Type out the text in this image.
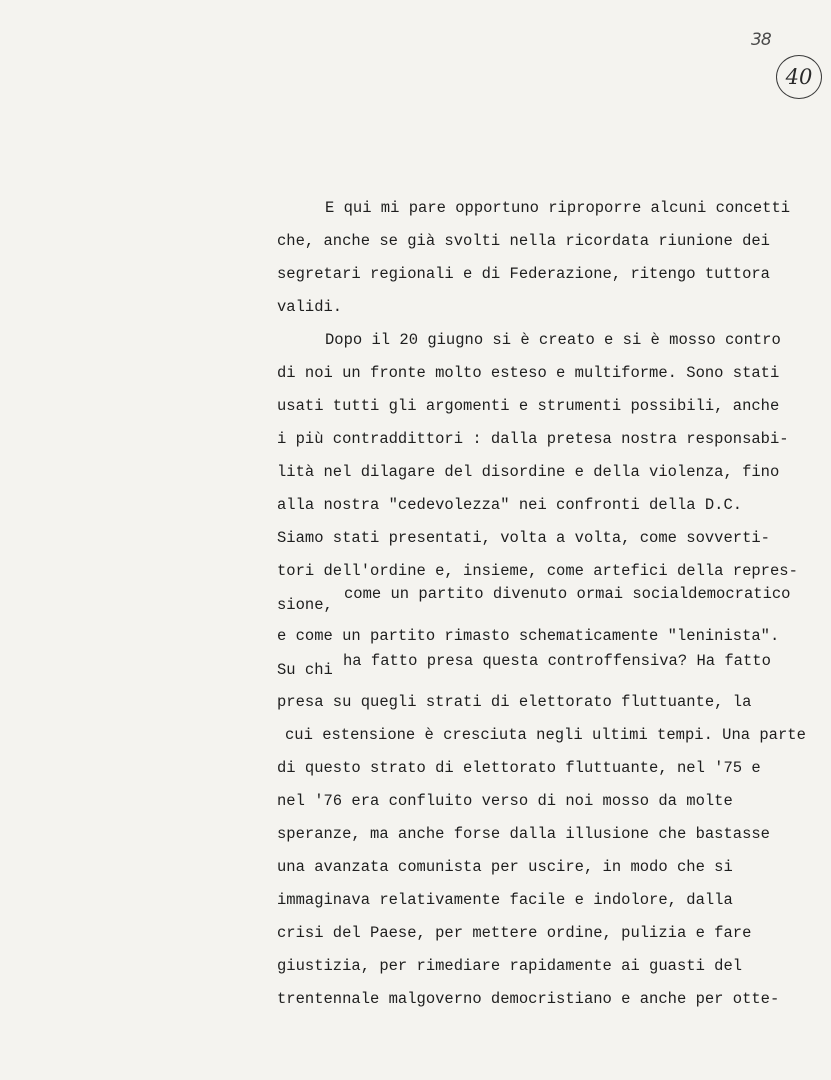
38
40
E qui mi pare opportuno riproporre alcuni concetti
che, anche se già svolti nella ricordata riunione dei
segretari regionali e di Federazione, ritengo tuttora
validi.
Dopo il 20 giugno si è creato e si è mosso contro
di noi un fronte molto esteso e multiforme. Sono stati
usati tutti gli argomenti e strumenti possibili, anche
i più contraddittori : dalla pretesa nostra responsabi-
lità nel dilagare del disordine e della violenza, fino
alla nostra "cedevolezza" nei confronti della D.C.
Siamo stati presentati, volta a volta, come sovverti-
tori dell'ordine e, insieme, come artefici della repres-
sione,
come un partito divenuto ormai socialdemocratico
e come un partito rimasto schematicamente "leninista".
Su chi ha fatto presa questa controffensiva? Ha fatto
presa su quegli strati di elettorato fluttuante, la
cui estensione è cresciuta negli ultimi tempi. Una parte
di questo strato di elettorato fluttuante, nel '75 e
nel '76 era confluito verso di noi mosso da molte
speranze, ma anche forse dalla illusione che bastasse
una avanzata comunista per uscire, in modo che si
immaginava relativamente facile e indolore, dalla
crisi del Paese, per mettere ordine, pulizia e fare
giustizia, per rimediare rapidamente ai guasti del
trentennale malgoverno democristiano e anche per otte-
